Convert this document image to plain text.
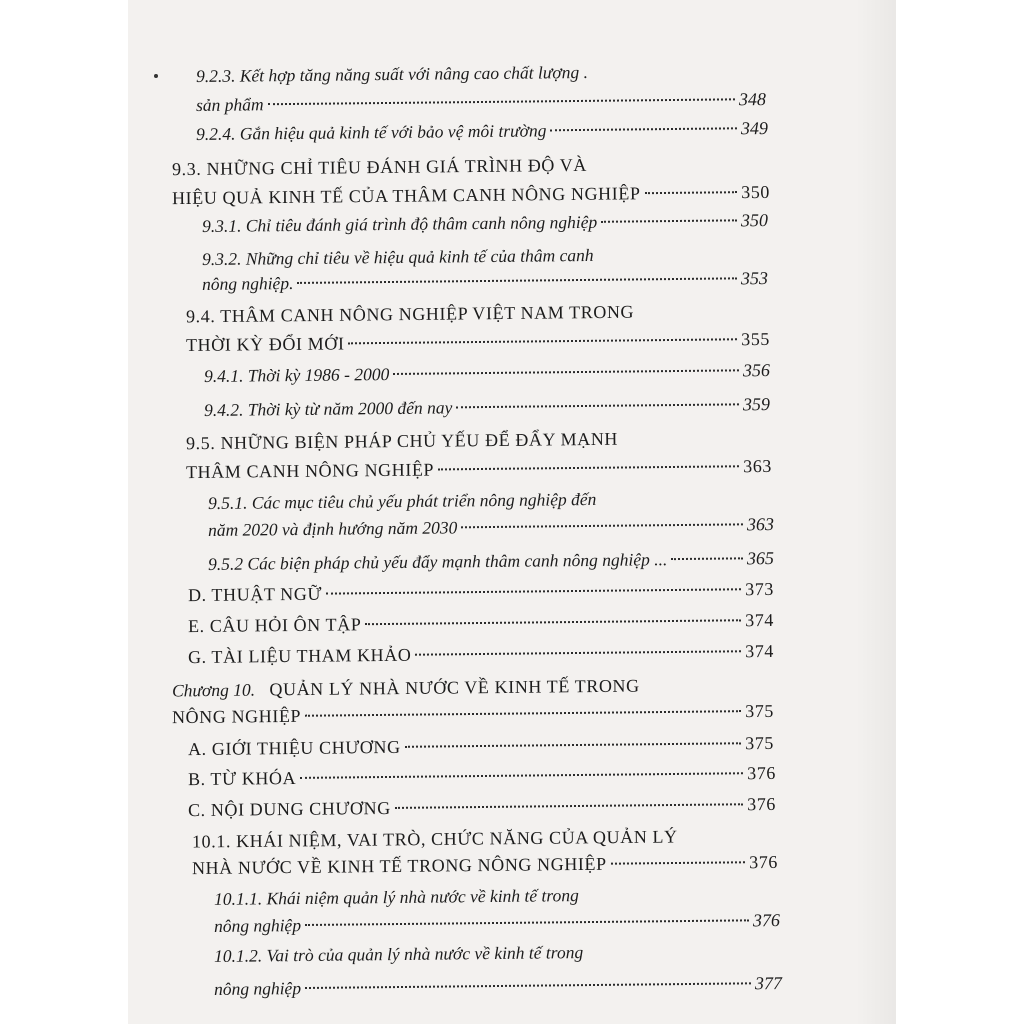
9.2.3. Kết hợp tăng năng suất với nâng cao chất lượng .
sản phẩm	348
9.2.4. Gắn hiệu quả kinh tế với bảo vệ môi trường	349
9.3. NHỮNG CHỈ TIÊU ĐÁNH GIÁ TRÌNH ĐỘ VÀ
HIỆU QUẢ KINH TẾ CỦA THÂM CANH NÔNG NGHIỆP	350
9.3.1. Chỉ tiêu đánh giá trình độ thâm canh nông nghiệp	350
9.3.2. Những chỉ tiêu về hiệu quả kinh tế của thâm canh
nông nghiệp.	353
9.4. THÂM CANH NÔNG NGHIỆP VIỆT NAM TRONG
THỜI KỲ ĐỔI MỚI	355
9.4.1. Thời kỳ 1986 - 2000	356
9.4.2. Thời kỳ từ năm 2000 đến nay	359
9.5. NHỮNG BIỆN PHÁP CHỦ YẾU ĐỂ ĐẨY MẠNH
THÂM CANH NÔNG NGHIỆP	363
9.5.1. Các mục tiêu chủ yếu phát triển nông nghiệp đến
năm 2020 và định hướng năm 2030	363
9.5.2 Các biện pháp chủ yếu đẩy mạnh thâm canh nông nghiệp ...	365
D. THUẬT NGỮ	373
E. CÂU HỎI ÔN TẬP	374
G. TÀI LIỆU THAM KHẢO	374
Chương 10. QUẢN LÝ NHÀ NƯỚC VỀ KINH TẾ TRONG
NÔNG NGHIỆP	375
A. GIỚI THIỆU CHƯƠNG	375
B. TỪ KHÓA	376
C. NỘI DUNG CHƯƠNG	376
10.1. KHÁI NIỆM, VAI TRÒ, CHỨC NĂNG CỦA QUẢN LÝ
NHÀ NƯỚC VỀ KINH TẾ TRONG NÔNG NGHIỆP	376
10.1.1. Khái niệm quản lý nhà nước về kinh tế trong
nông nghiệp	376
10.1.2. Vai trò của quản lý nhà nước về kinh tế trong
nông nghiệp	377
